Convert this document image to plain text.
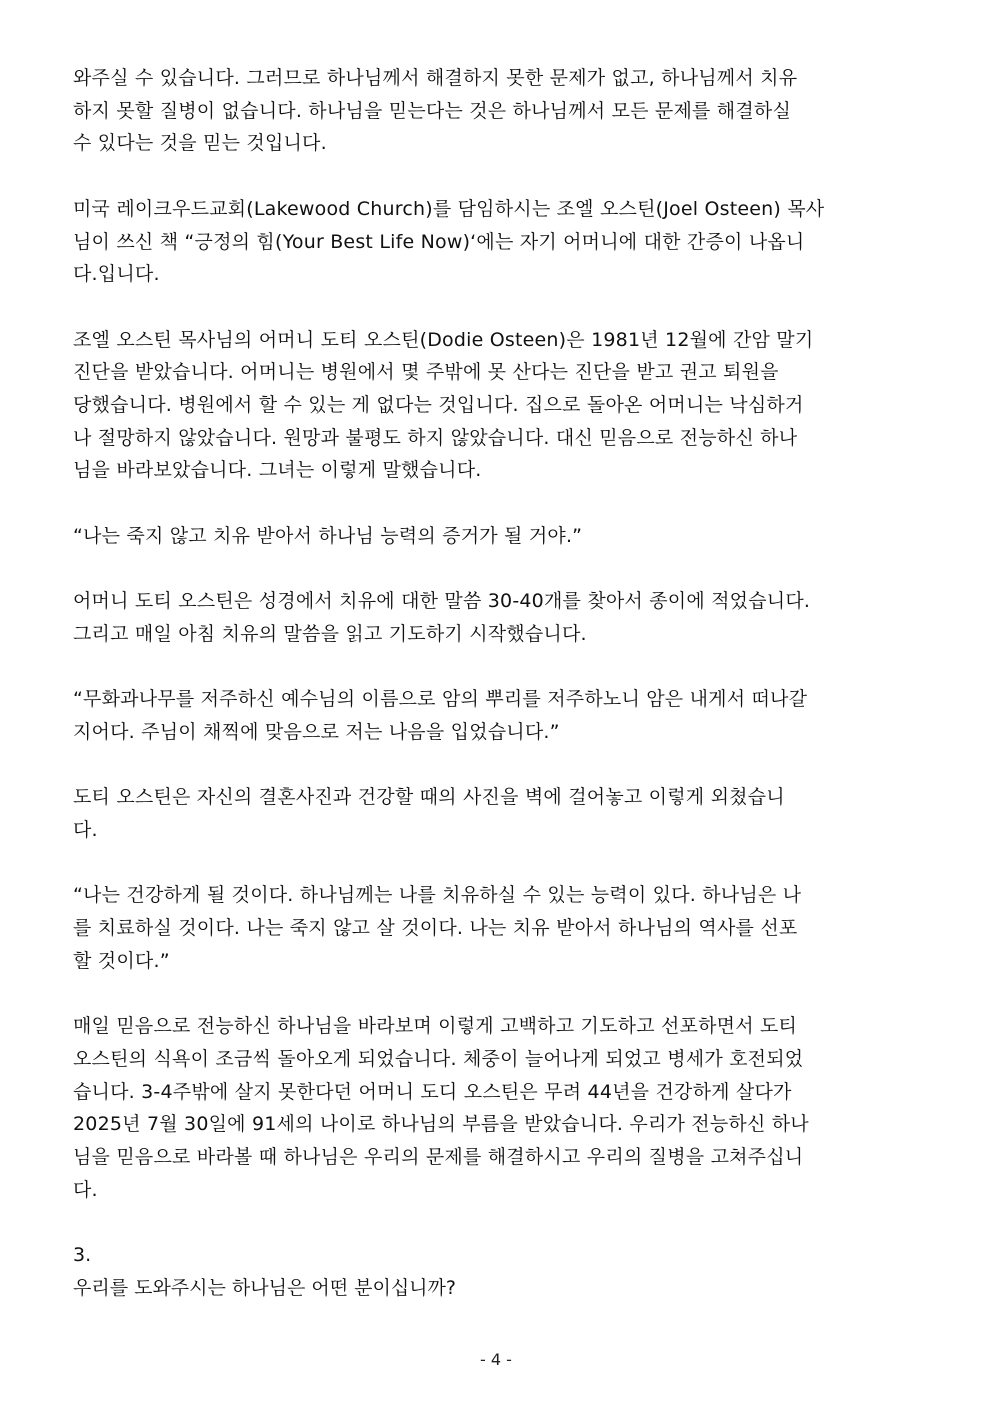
와주실 수 있습니다. 그러므로 하나님께서 해결하지 못한 문제가 없고, 하나님께서 치유
하지 못할 질병이 없습니다. 하나님을 믿는다는 것은 하나님께서 모든 문제를 해결하실
수 있다는 것을 믿는 것입니다.

미국 레이크우드교회(Lakewood Church)를 담임하시는 조엘 오스틴(Joel Osteen) 목사
님이 쓰신 책 “긍정의 힘(Your Best Life Now)‘에는 자기 어머니에 대한 간증이 나옵니
다.입니다.

조엘 오스틴 목사님의 어머니 도티 오스틴(Dodie Osteen)은 1981년 12월에 간암 말기
진단을 받았습니다. 어머니는 병원에서 몇 주밖에 못 산다는 진단을 받고 권고 퇴원을
당했습니다. 병원에서 할 수 있는 게 없다는 것입니다. 집으로 돌아온 어머니는 낙심하거
나 절망하지 않았습니다. 원망과 불평도 하지 않았습니다. 대신 믿음으로 전능하신 하나
님을 바라보았습니다. 그녀는 이렇게 말했습니다.

“나는 죽지 않고 치유 받아서 하나님 능력의 증거가 될 거야.”

어머니 도티 오스틴은 성경에서 치유에 대한 말씀 30-40개를 찾아서 종이에 적었습니다.
그리고 매일 아침 치유의 말씀을 읽고 기도하기 시작했습니다.

“무화과나무를 저주하신 예수님의 이름으로 암의 뿌리를 저주하노니 암은 내게서 떠나갈
지어다. 주님이 채찍에 맞음으로 저는 나음을 입었습니다.”

도티 오스틴은 자신의 결혼사진과 건강할 때의 사진을 벽에 걸어놓고 이렇게 외쳤습니
다.

“나는 건강하게 될 것이다. 하나님께는 나를 치유하실 수 있는 능력이 있다. 하나님은 나
를 치료하실 것이다. 나는 죽지 않고 살 것이다. 나는 치유 받아서 하나님의 역사를 선포
할 것이다.”

매일 믿음으로 전능하신 하나님을 바라보며 이렇게 고백하고 기도하고 선포하면서 도티
오스틴의 식욕이 조금씩 돌아오게 되었습니다. 체중이 늘어나게 되었고 병세가 호전되었
습니다. 3-4주밖에 살지 못한다던 어머니 도디 오스틴은 무려 44년을 건강하게 살다가
2025년 7월 30일에 91세의 나이로 하나님의 부름을 받았습니다. 우리가 전능하신 하나
님을 믿음으로 바라볼 때 하나님은 우리의 문제를 해결하시고 우리의 질병을 고쳐주십니
다.

3.

우리를 도와주시는 하나님은 어떤 분이십니까?

- 4 -
